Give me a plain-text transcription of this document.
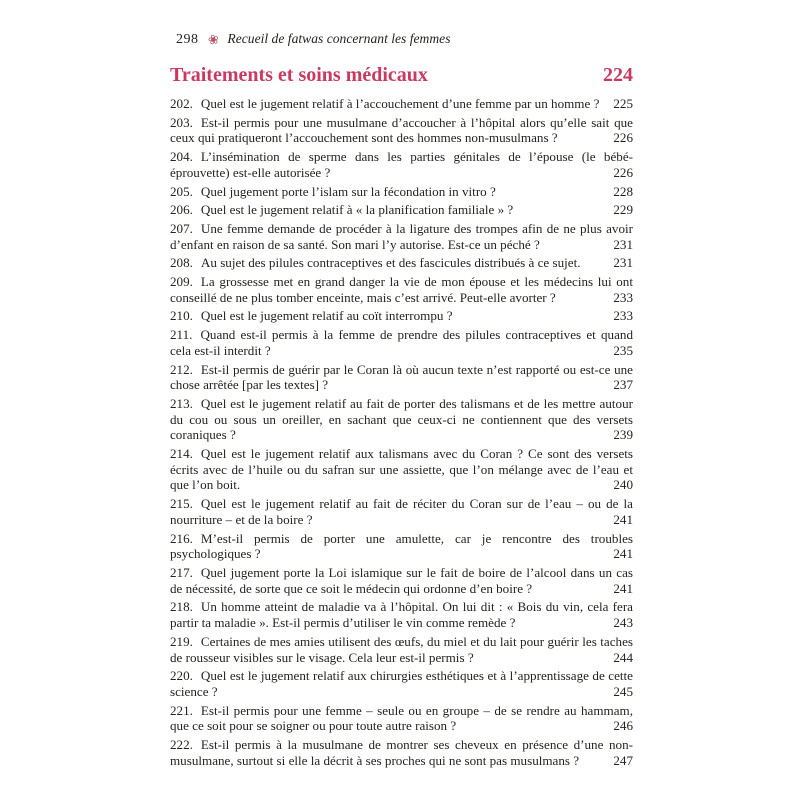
298 ❀ Recueil de fatwas concernant les femmes
Traitements et soins médicaux	224
202. Quel est le jugement relatif à l’accouchement d’une femme par un homme ?	225
203. Est-il permis pour une musulmane d’accoucher à l’hôpital alors qu’elle sait que ceux qui pratiqueront l’accouchement sont des hommes non-musulmans ?	226
204. L’insémination de sperme dans les parties génitales de l’épouse (le bébé-éprouvette) est-elle autorisée ?	226
205. Quel jugement porte l’islam sur la fécondation in vitro ?	228
206. Quel est le jugement relatif à « la planification familiale » ?	229
207. Une femme demande de procéder à la ligature des trompes afin de ne plus avoir d’enfant en raison de sa santé. Son mari l’y autorise. Est-ce un péché ?	231
208. Au sujet des pilules contraceptives et des fascicules distribués à ce sujet.	231
209. La grossesse met en grand danger la vie de mon épouse et les médecins lui ont conseillé de ne plus tomber enceinte, mais c’est arrivé. Peut-elle avorter ?	233
210. Quel est le jugement relatif au coït interrompu ?	233
211. Quand est-il permis à la femme de prendre des pilules contraceptives et quand cela est-il interdit ?	235
212. Est-il permis de guérir par le Coran là où aucun texte n’est rapporté ou est-ce une chose arrêtée [par les textes] ?	237
213. Quel est le jugement relatif au fait de porter des talismans et de les mettre autour du cou ou sous un oreiller, en sachant que ceux-ci ne contiennent que des versets coraniques ?	239
214. Quel est le jugement relatif aux talismans avec du Coran ? Ce sont des versets écrits avec de l’huile ou du safran sur une assiette, que l’on mélange avec de l’eau et que l’on boit.	240
215. Quel est le jugement relatif au fait de réciter du Coran sur de l’eau – ou de la nourriture – et de la boire ?	241
216. M’est-il permis de porter une amulette, car je rencontre des troubles psychologiques ?	241
217. Quel jugement porte la Loi islamique sur le fait de boire de l’alcool dans un cas de nécessité, de sorte que ce soit le médecin qui ordonne d’en boire ?	241
218. Un homme atteint de maladie va à l’hôpital. On lui dit : « Bois du vin, cela fera partir ta maladie ». Est-il permis d’utiliser le vin comme remède ?	243
219. Certaines de mes amies utilisent des œufs, du miel et du lait pour guérir les taches de rousseur visibles sur le visage. Cela leur est-il permis ?	244
220. Quel est le jugement relatif aux chirurgies esthétiques et à l’apprentissage de cette science ?	245
221. Est-il permis pour une femme – seule ou en groupe – de se rendre au hammam, que ce soit pour se soigner ou pour toute autre raison ?	246
222. Est-il permis à la musulmane de montrer ses cheveux en présence d’une non-musulmane, surtout si elle la décrit à ses proches qui ne sont pas musulmans ?	247
